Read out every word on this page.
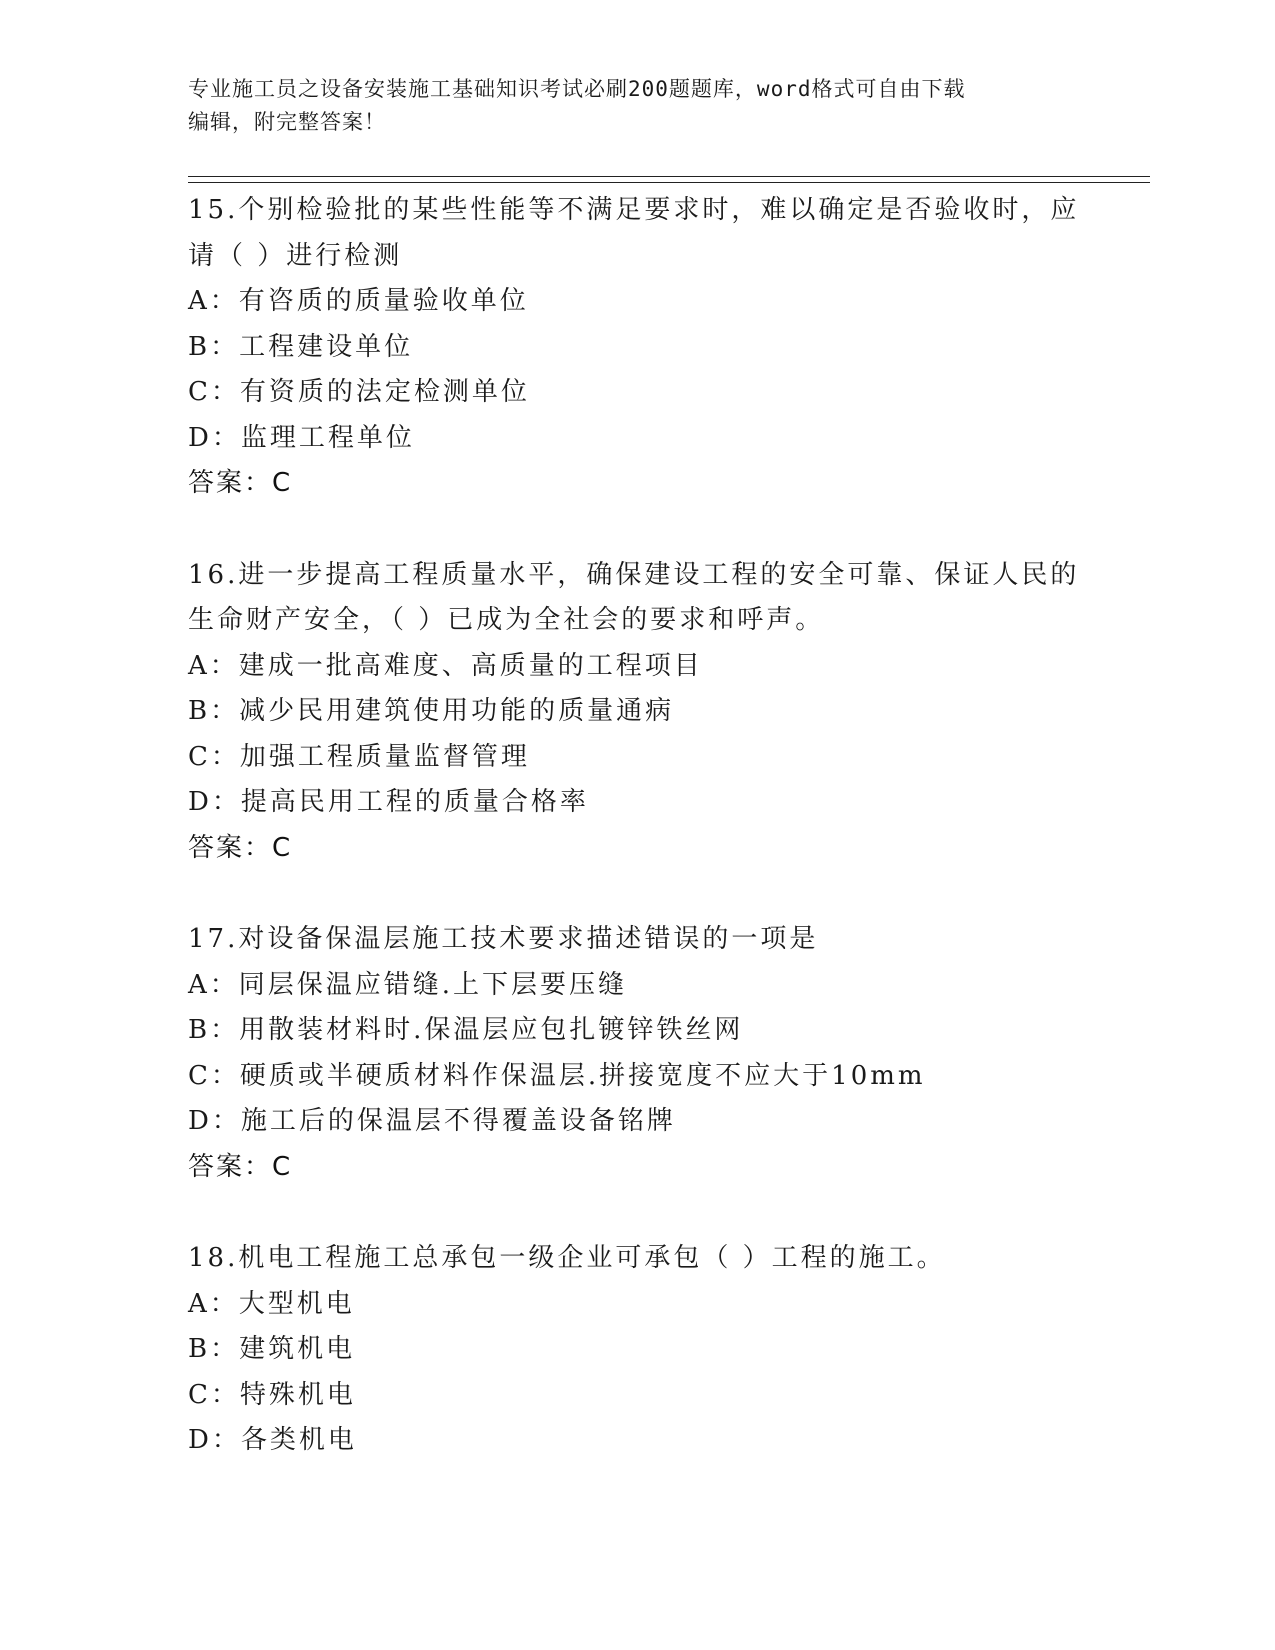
专业施工员之设备安装施工基础知识考试必刷200题题库，word格式可自由下载
编辑，附完整答案！
15.个别检验批的某些性能等不满足要求时，难以确定是否验收时，应
请（ ）进行检测
A：有咨质的质量验收单位
B：工程建设单位
C：有资质的法定检测单位
D：监理工程单位
答案：C
16.进一步提高工程质量水平，确保建设工程的安全可靠、保证人民的
生命财产安全，（ ）已成为全社会的要求和呼声。
A：建成一批高难度、高质量的工程项目
B：减少民用建筑使用功能的质量通病
C：加强工程质量监督管理
D：提高民用工程的质量合格率
答案：C
17.对设备保温层施工技术要求描述错误的一项是
A：同层保温应错缝.上下层要压缝
B：用散装材料时.保温层应包扎镀锌铁丝网
C：硬质或半硬质材料作保温层.拼接宽度不应大于10mm
D：施工后的保温层不得覆盖设备铭牌
答案：C
18.机电工程施工总承包一级企业可承包（ ）工程的施工。
A：大型机电
B：建筑机电
C：特殊机电
D：各类机电
